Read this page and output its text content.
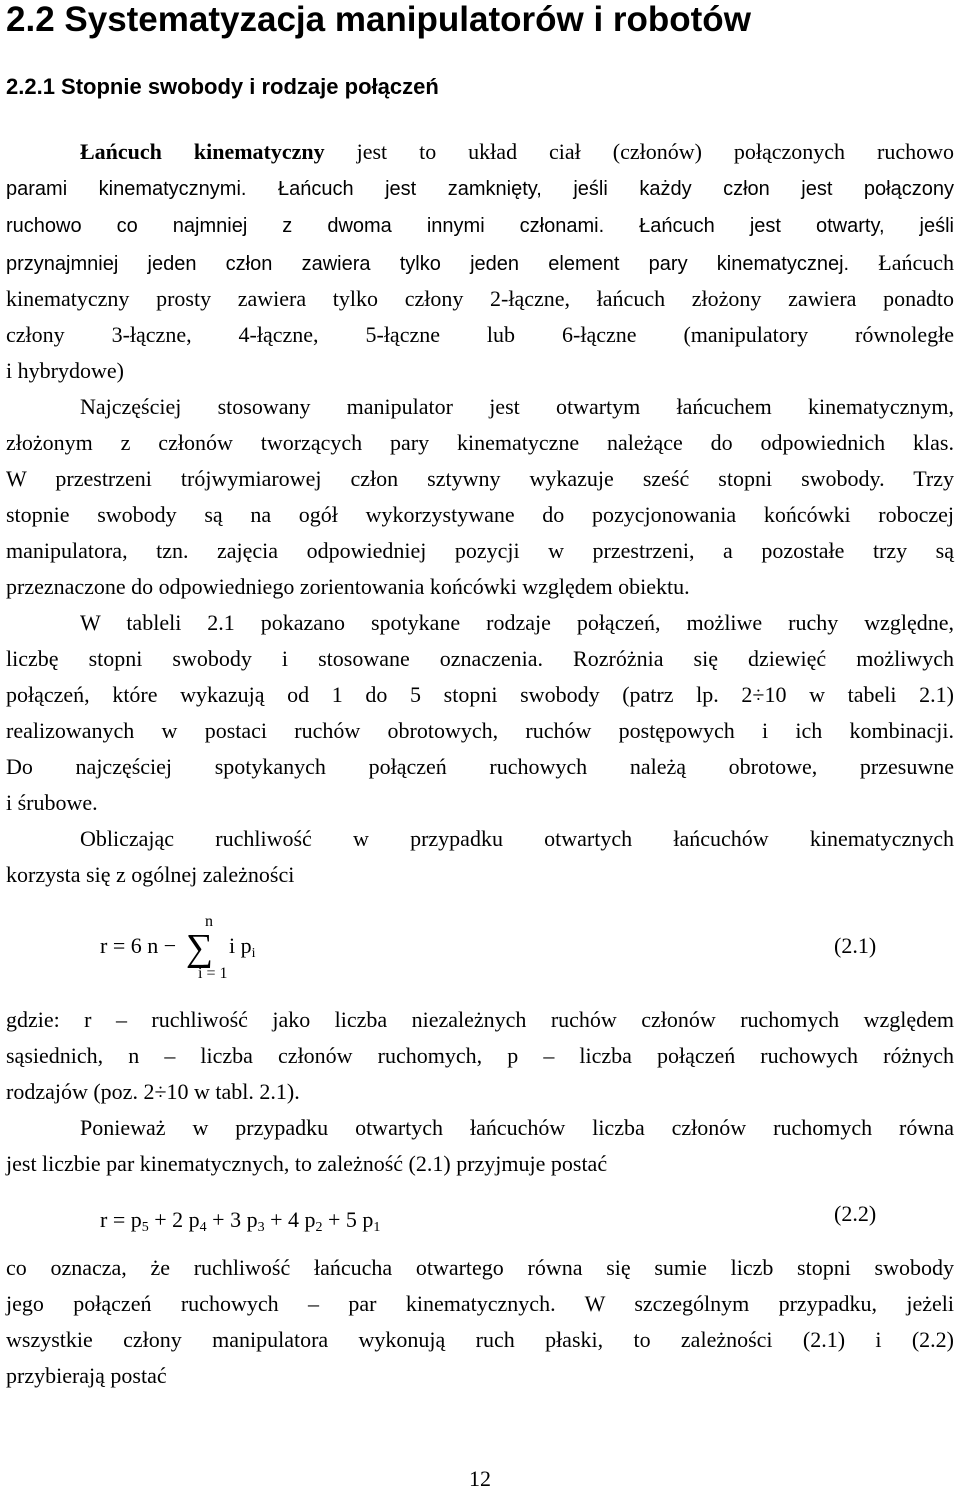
2.2 Systematyzacja manipulatorów i robotów
2.2.1 Stopnie swobody i rodzaje połączeń
Łańcuch kinematyczny jest to układ ciał (członów) połączonych ruchowo
parami kinematycznymi. Łańcuch jest zamknięty, jeśli każdy człon jest połączony
ruchowo co najmniej z dwoma innymi członami. Łańcuch jest otwarty, jeśli
przynajmniej jeden człon zawiera tylko jeden element pary kinematycznej. Łańcuch
kinematyczny prosty zawiera tylko człony 2-łączne, łańcuch złożony zawiera ponadto
człony 3-łączne, 4-łączne, 5-łączne lub 6-łączne (manipulatory równoległe
i hybrydowe)
Najczęściej stosowany manipulator jest otwartym łańcuchem kinematycznym,
złożonym z członów tworzących pary kinematyczne należące do odpowiednich klas.
W przestrzeni trójwymiarowej człon sztywny wykazuje sześć stopni swobody. Trzy
stopnie swobody są na ogół wykorzystywane do pozycjonowania końcówki roboczej
manipulatora, tzn. zajęcia odpowiedniej pozycji w przestrzeni, a pozostałe trzy są
przeznaczone do odpowiedniego zorientowania końcówki względem obiektu.
W tableli 2.1 pokazano spotykane rodzaje połączeń, możliwe ruchy względne,
liczbę stopni swobody i stosowane oznaczenia. Rozróżnia się dziewięć możliwych
połączeń, które wykazują od 1 do 5 stopni swobody (patrz lp. 2÷10 w tabeli 2.1)
realizowanych w postaci ruchów obrotowych, ruchów postępowych i ich kombinacji.
Do najczęściej spotykanych połączeń ruchowych należą obrotowe, przesuwne
i śrubowe.
Obliczając ruchliwość w przypadku otwartych łańcuchów kinematycznych
korzysta się z ogólnej zależności
r = 6 n −
n
∑
i = 1
i $p_i$	(2.1)
gdzie: r – ruchliwość jako liczba niezależnych ruchów członów ruchomych względem
sąsiednich, n – liczba członów ruchomych, p – liczba połączeń ruchowych różnych
rodzajów (poz. 2÷10 w tabl. 2.1).
Ponieważ w przypadku otwartych łańcuchów liczba członów ruchomych równa
jest liczbie par kinematycznych, to zależność (2.1) przyjmuje postać
$r = p_5 + 2$ $p_4 + 3$ $p_3 + 4$ $p_2 + 5$ $p_1$
(2.2)
co oznacza, że ruchliwość łańcucha otwartego równa się sumie liczb stopni swobody
jego połączeń ruchowych – par kinematycznych. W szczególnym przypadku, jeżeli
wszystkie człony manipulatora wykonują ruch płaski, to zależności (2.1) i (2.2)
przybierają postać
12
